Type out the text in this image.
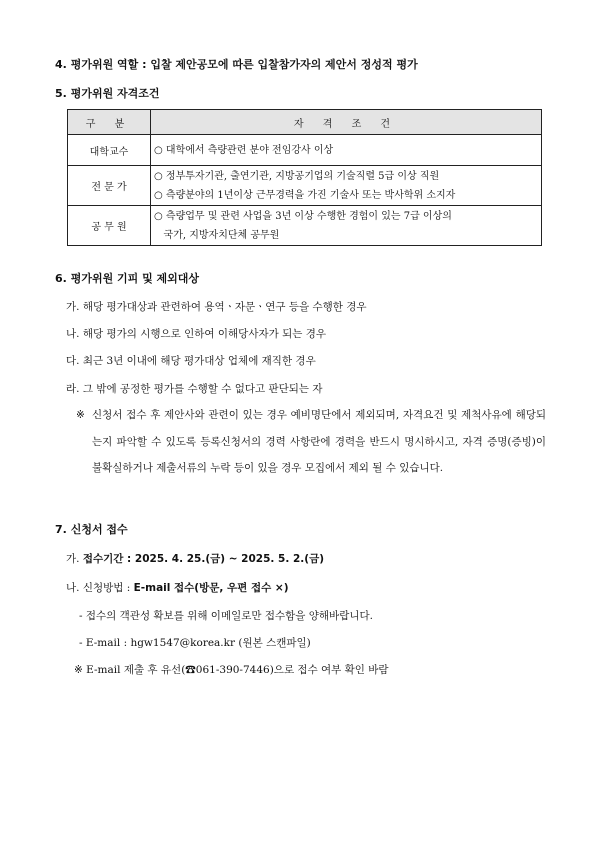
4. 평가위원 역할 : 입찰 제안공모에 따른 입찰참가자의 제안서 정성적 평가
5. 평가위원 자격조건
구 분	자 격 조 건
대학교수	○ 대학에서 측량관련 분야 전임강사 이상

전 문 가	○ 정부투자기관, 출연기관, 지방공기업의 기술직렬 5급 이상 직원
○ 측량분야의 1년이상 근무경력을 가진 기술사 또는 박사학위 소지자

공 무 원	○ 측량업무 및 관련 사업을 3년 이상 수행한 경험이 있는 7급 이상의
국가, 지방자치단체 공무원
6. 평가위원 기피 및 제외대상
가. 해당 평가대상과 관련하여 용역ㆍ자문ㆍ연구 등을 수행한 경우
나. 해당 평가의 시행으로 인하여 이해당사자가 되는 경우
다. 최근 3년 이내에 해당 평가대상 업체에 재직한 경우
라. 그 밖에 공정한 평가를 수행할 수 없다고 판단되는 자
※ 신청서 접수 후 제안사와 관련이 있는 경우 예비명단에서 제외되며, 자격요건 및 제척사유에 해당되는지 파악할 수 있도록 등록신청서의 경력 사항란에 경력을 반드시 명시하시고, 자격 증명(증빙)이 불확실하거나 제출서류의 누락 등이 있을 경우 모집에서 제외 될 수 있습니다.
7. 신청서 접수
가. 접수기간 : 2025. 4. 25.(금) ~ 2025. 5. 2.(금)
나. 신청방법 : E-mail 접수(방문, 우편 접수 ×)
- 접수의 객관성 확보를 위해 이메일로만 접수함을 양해바랍니다.
- E-mail : hgw1547@korea.kr (원본 스캔파일)
※ E-mail 제출 후 유선(☎061-390-7446)으로 접수 여부 확인 바람
